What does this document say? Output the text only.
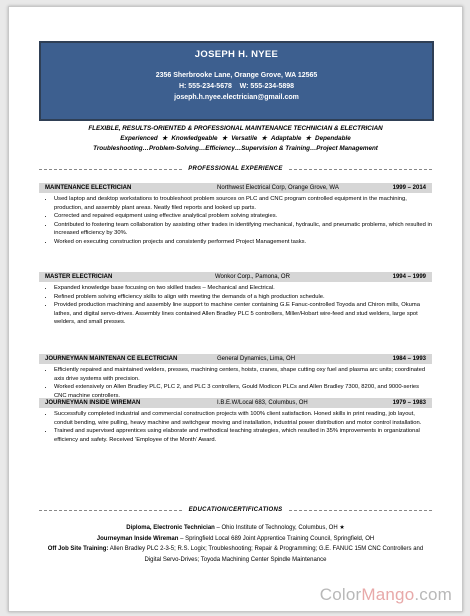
JOSEPH H. NYEE
2356 Sherbrooke Lane, Orange Grove, WA 12565
H: 555-234-5678 W: 555-234-5898
joseph.h.nyee.electrician@gmail.com
FLEXIBLE, RESULTS-ORIENTED & PROFESSIONAL MAINTENANCE TECHNICIAN & ELECTRICIAN
Experienced ★ Knowledgeable ★ Versatile ★ Adaptable ★ Dependable
Troubleshooting…Problem-Solving…Efficiency…Supervision & Training…Project Management
PROFESSIONAL EXPERIENCE
MAINTENANCE ELECTRICIAN	Northwest Electrical Corp, Orange Grove, WA	1999 – 2014
• Used laptop and desktop workstations to troubleshoot problem sources on PLC and CNC program controlled equipment in the machining, production, and assembly plant areas. Neatly filed reports and looked up parts.
• Corrected and repaired equipment using effective analytical problem solving strategies.
• Contributed to fostering team collaboration by assisting other trades in identifying mechanical, hydraulic, and pneumatic problems, which resulted in increased efficiency by 30%.
• Worked on executing construction projects and consistently performed Project Management tasks.
MASTER ELECTRICIAN	Wonkor Corp., Pamona, OR	1994 – 1999
• Expanded knowledge base focusing on two skilled trades – Mechanical and Electrical.
• Refined problem solving efficiency skills to align with meeting the demands of a high production schedule.
• Provided production machining and assembly line support to machine center containing G.E Fanuc-controlled Toyoda and Chiron mills, Okuma lathes, and digital servo-drives. Assembly lines contained Allen Bradley PLC 5 controllers, Miller/Hobart wire-feed and stud welders, large spot welders, and small presses.
JOURNEYMAN MAINTENAN CE ELECTRICIAN	General Dynamics, Lima, OH	1984 – 1993
• Efficiently repaired and maintained welders, presses, machining centers, hoists, cranes, shape cutting oxy fuel and plasma arc units; coordinated axis drive systems with precision.
• Worked extensively on Allen Bradley PLC, PLC 2, and PLC 3 controllers, Gould Modicon PLCs and Allen Bradley 7300, 8200, and 9000-series CNC machine controllers.
JOURNEYMAN INSIDE WIREMAN	I.B.E.W/Local 683, Columbus, OH	1979 – 1983
• Successfully completed industrial and commercial construction projects with 100% client satisfaction. Honed skills in print reading, job layout, conduit bending, wire pulling, heavy machine and switchgear moving and installation, industrial power distribution and motor control installation.
• Trained and supervised apprentices using elaborate and methodical teaching strategies, which resulted in 35% improvements in organizational efficiency and safety. Received ‘Employee of the Month’ Award.
EDUCATION/CERTIFICATIONS
Diploma, Electronic Technician – Ohio Institute of Technology, Columbus, OH ★
Journeyman Inside Wireman – Springfield Local 689 Joint Apprentice Training Council, Springfield, OH
Off Job Site Training: Allen Bradley PLC 2-3-5; R.S. Logix; Troubleshooting; Repair & Programming; G.E. FANUC 15M CNC Controllers and Digital Servo-Drives; Toyoda Machining Center Spindle Maintenance
ColorMango.com
